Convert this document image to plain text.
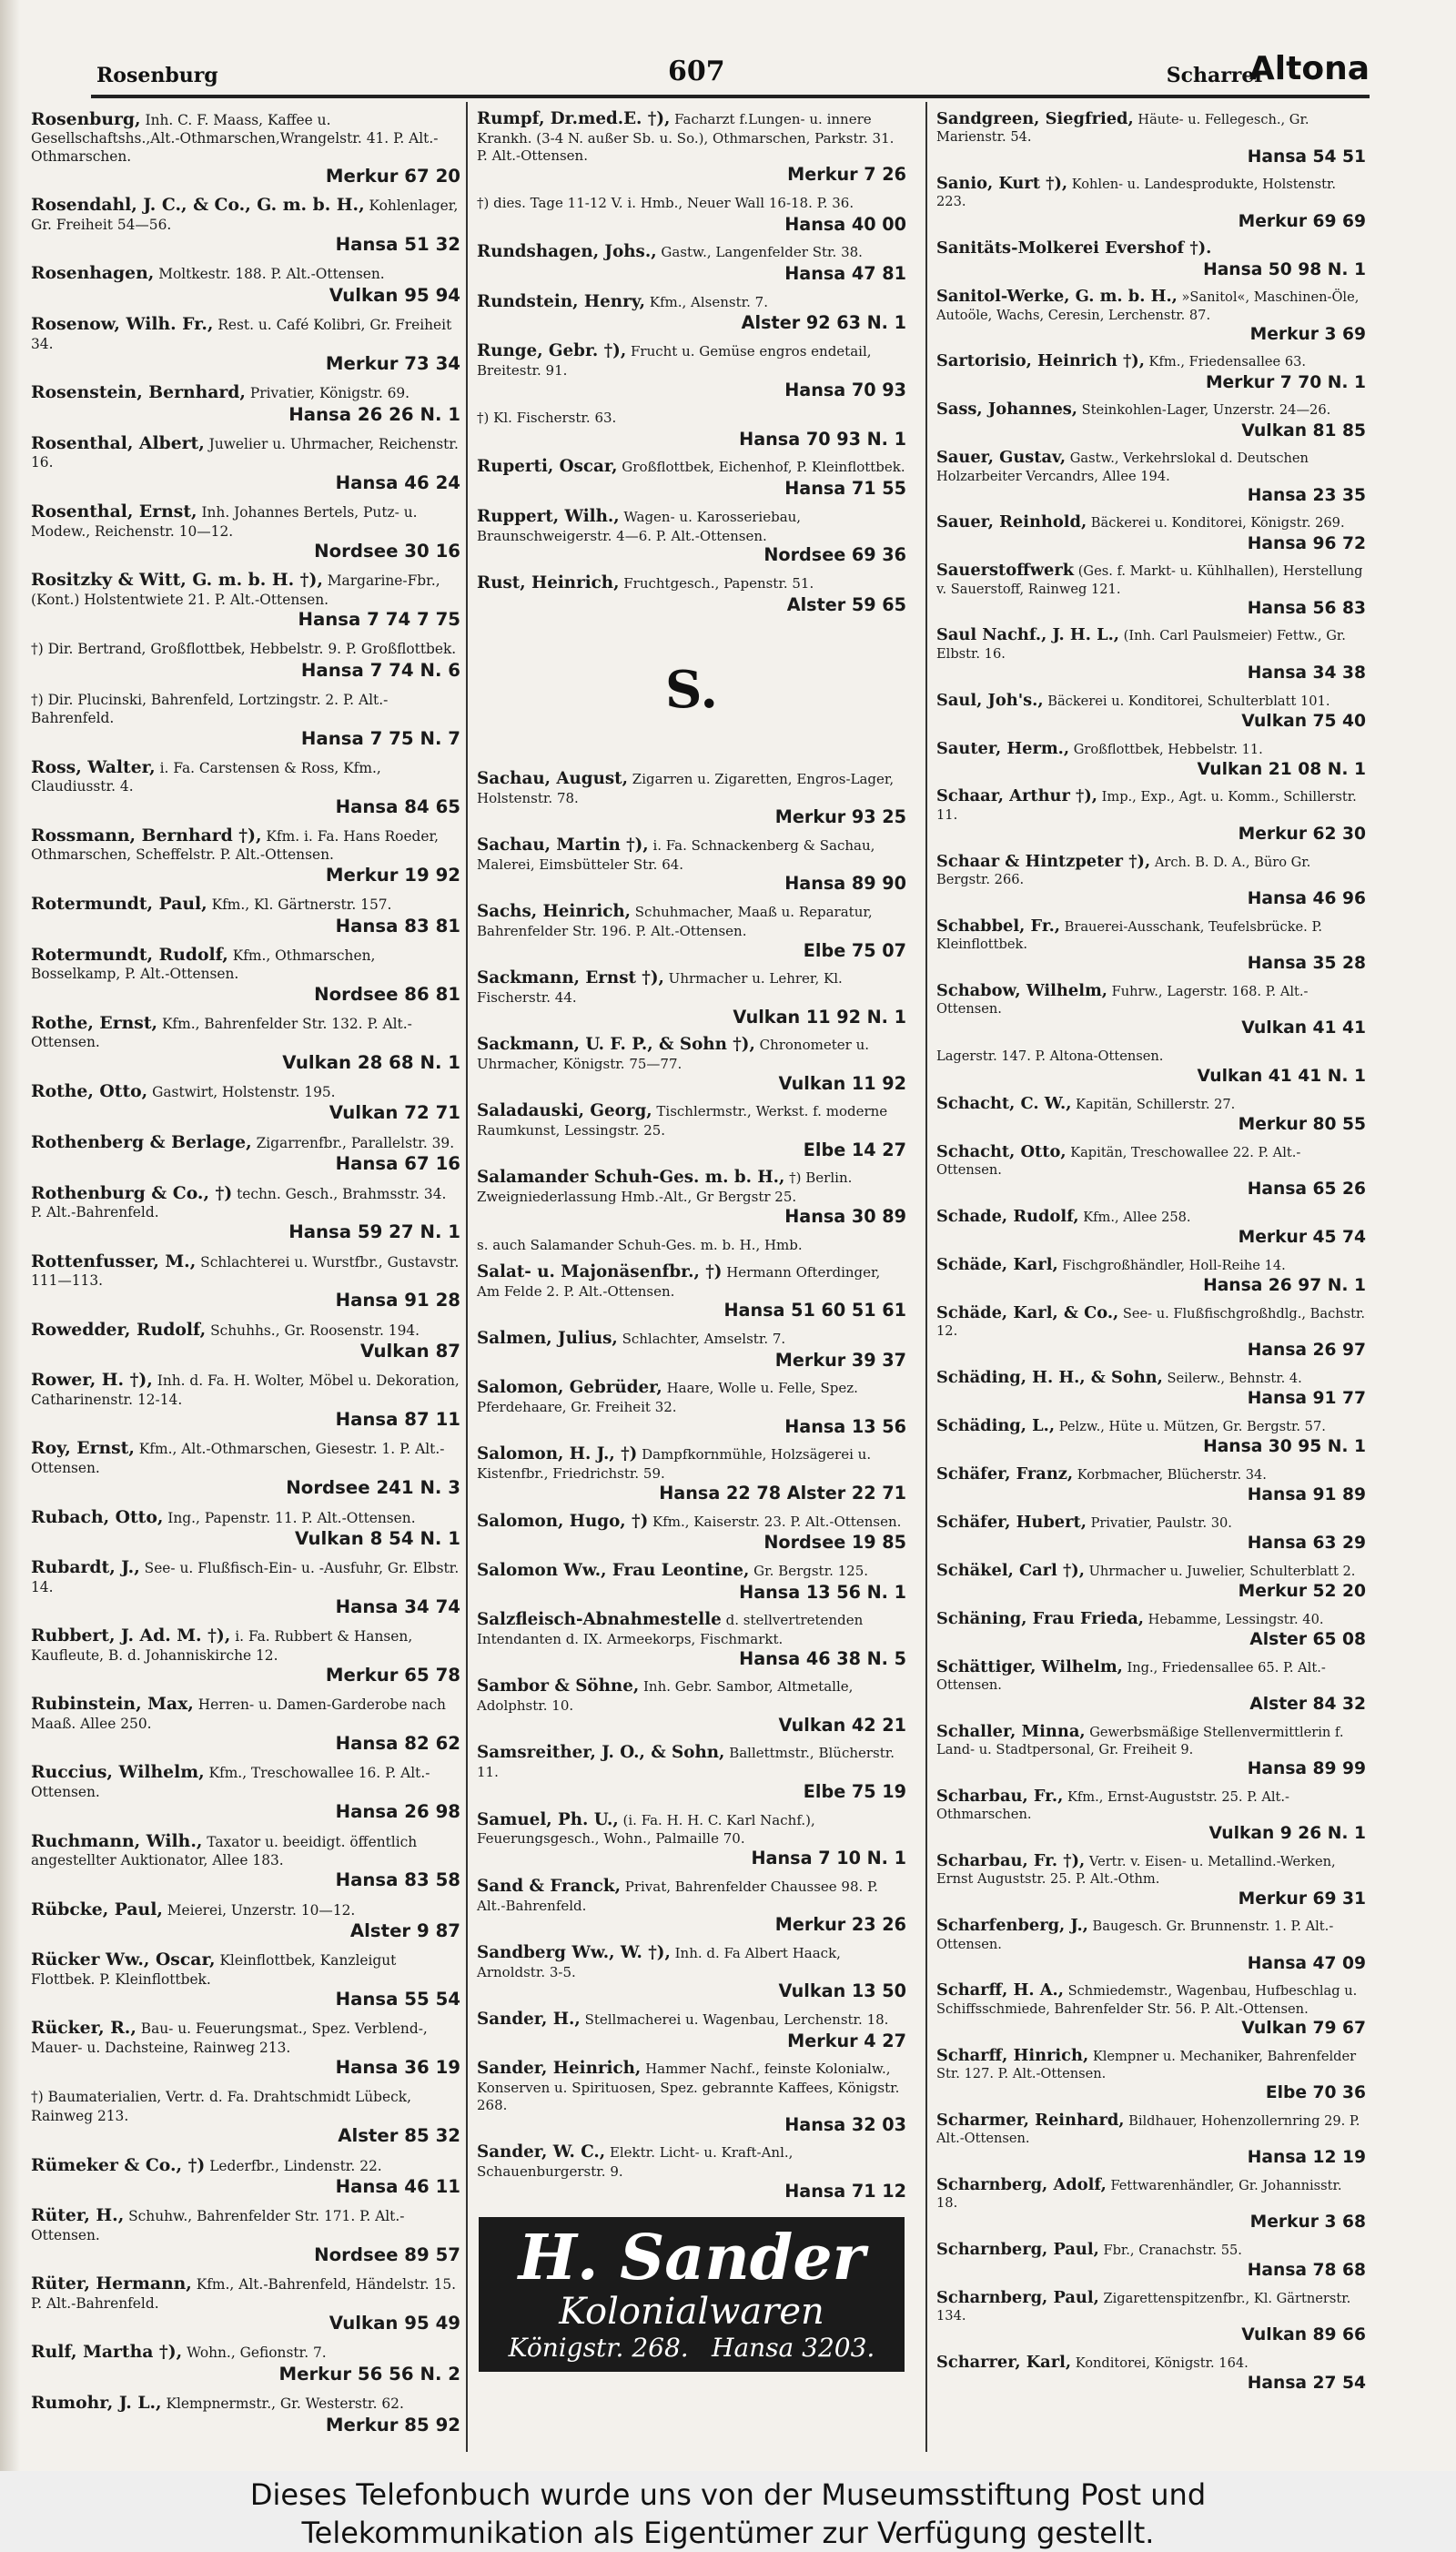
Rosenburg	607	Scharrer
Altona
Rosenburg, Inh. C. F. Maass, Kaffee u. Gesellschaftshs.,Alt.-Othmarschen,Wrangelstr. 41. P. Alt.-Othmarschen.
Merkur 67 20
Rosendahl, J. C., & Co., G. m. b. H., Kohlenlager, Gr. Freiheit 54—56.
Hansa 51 32
Rosenhagen, Moltkestr. 188. P. Alt.-Ottensen.
Vulkan 95 94
Rosenow, Wilh. Fr., Rest. u. Café Kolibri, Gr. Freiheit 34.
Merkur 73 34
Rosenstein, Bernhard, Privatier, Königstr. 69.
Hansa 26 26 N. 1
Rosenthal, Albert, Juwelier u. Uhrmacher, Reichenstr. 16.
Hansa 46 24
Rosenthal, Ernst, Inh. Johannes Bertels, Putz- u. Modew., Reichenstr. 10—12.
Nordsee 30 16
Rositzky & Witt, G. m. b. H. †), Margarine-Fbr., (Kont.) Holstentwiete 21. P. Alt.-Ottensen.
Hansa 7 74 7 75
†) Dir. Bertrand, Großflottbek, Hebbelstr. 9. P. Großflottbek.
Hansa 7 74 N. 6
†) Dir. Plucinski, Bahrenfeld, Lortzingstr. 2. P. Alt.-Bahrenfeld.
Hansa 7 75 N. 7
Ross, Walter, i. Fa. Carstensen & Ross, Kfm., Claudiusstr. 4.
Hansa 84 65
Rossmann, Bernhard †), Kfm. i. Fa. Hans Roeder, Othmarschen, Scheffelstr. P. Alt.-Ottensen.
Merkur 19 92
Rotermundt, Paul, Kfm., Kl. Gärtnerstr. 157.
Hansa 83 81
Rotermundt, Rudolf, Kfm., Othmarschen, Bosselkamp, P. Alt.-Ottensen.
Nordsee 86 81
Rothe, Ernst, Kfm., Bahrenfelder Str. 132. P. Alt.-Ottensen.
Vulkan 28 68 N. 1
Rothe, Otto, Gastwirt, Holstenstr. 195.
Vulkan 72 71
Rothenberg & Berlage, Zigarrenfbr., Parallelstr. 39.
Hansa 67 16
Rothenburg & Co., †) techn. Gesch., Brahmsstr. 34. P. Alt.-Bahrenfeld.
Hansa 59 27 N. 1
Rottenfusser, M., Schlachterei u. Wurstfbr., Gustavstr. 111—113.
Hansa 91 28
Rowedder, Rudolf, Schuhhs., Gr. Roosenstr. 194.
Vulkan 87
Rower, H. †), Inh. d. Fa. H. Wolter, Möbel u. Dekoration, Catharinenstr. 12-14.
Hansa 87 11
Roy, Ernst, Kfm., Alt.-Othmarschen, Giesestr. 1. P. Alt.-Ottensen.
Nordsee 241 N. 3
Rubach, Otto, Ing., Papenstr. 11. P. Alt.-Ottensen.
Vulkan 8 54 N. 1
Rubardt, J., See- u. Flußfisch-Ein- u. -Ausfuhr, Gr. Elbstr. 14.
Hansa 34 74
Rubbert, J. Ad. M. †), i. Fa. Rubbert & Hansen, Kaufleute, B. d. Johanniskirche 12.
Merkur 65 78
Rubinstein, Max, Herren- u. Damen-Garderobe nach Maaß. Allee 250.
Hansa 82 62
Ruccius, Wilhelm, Kfm., Treschowallee 16. P. Alt.-Ottensen.
Hansa 26 98
Ruchmann, Wilh., Taxator u. beeidigt. öffentlich angestellter Auktionator, Allee 183.
Hansa 83 58
Rübcke, Paul, Meierei, Unzerstr. 10—12.
Alster 9 87
Rücker Ww., Oscar, Kleinflottbek, Kanzleigut Flottbek. P. Kleinflottbek.
Hansa 55 54
Rücker, R., Bau- u. Feuerungsmat., Spez. Verblend-, Mauer- u. Dachsteine, Rainweg 213.
Hansa 36 19
†) Baumaterialien, Vertr. d. Fa. Drahtschmidt Lübeck, Rainweg 213.
Alster 85 32
Rümeker & Co., †) Lederfbr., Lindenstr. 22.
Hansa 46 11
Rüter, H., Schuhw., Bahrenfelder Str. 171. P. Alt.-Ottensen.
Nordsee 89 57
Rüter, Hermann, Kfm., Alt.-Bahrenfeld, Händelstr. 15. P. Alt.-Bahrenfeld.
Vulkan 95 49
Rulf, Martha †), Wohn., Gefionstr. 7.
Merkur 56 56 N. 2
Rumohr, J. L., Klempnermstr., Gr. Westerstr. 62.
Merkur 85 92
Rumpf, Dr.med.E. †), Facharzt f.Lungen- u. innere Krankh. (3-4 N. außer Sb. u. So.), Othmarschen, Parkstr. 31. P. Alt.-Ottensen.
Merkur 7 26
†) dies. Tage 11-12 V. i. Hmb., Neuer Wall 16-18. P. 36.
Hansa 40 00
Rundshagen, Johs., Gastw., Langenfelder Str. 38.
Hansa 47 81
Rundstein, Henry, Kfm., Alsenstr. 7.
Alster 92 63 N. 1
Runge, Gebr. †), Frucht u. Gemüse engros endetail, Breitestr. 91.
Hansa 70 93
†) Kl. Fischerstr. 63.
Hansa 70 93 N. 1
Ruperti, Oscar, Großflottbek, Eichenhof, P. Kleinflottbek.
Hansa 71 55
Ruppert, Wilh., Wagen- u. Karosseriebau, Braunschweigerstr. 4—6. P. Alt.-Ottensen.
Nordsee 69 36
Rust, Heinrich, Fruchtgesch., Papenstr. 51.
Alster 59 65
S.
Sachau, August, Zigarren u. Zigaretten, Engros-Lager, Holstenstr. 78.
Merkur 93 25
Sachau, Martin †), i. Fa. Schnackenberg & Sachau, Malerei, Eimsbütteler Str. 64.
Hansa 89 90
Sachs, Heinrich, Schuhmacher, Maaß u. Reparatur, Bahrenfelder Str. 196. P. Alt.-Ottensen.
Elbe 75 07
Sackmann, Ernst †), Uhrmacher u. Lehrer, Kl. Fischerstr. 44.
Vulkan 11 92 N. 1
Sackmann, U. F. P., & Sohn †), Chronometer u. Uhrmacher, Königstr. 75—77.
Vulkan 11 92
Saladauski, Georg, Tischlermstr., Werkst. f. moderne Raumkunst, Lessingstr. 25.
Elbe 14 27
Salamander Schuh-Ges. m. b. H., †) Berlin. Zweigniederlassung Hmb.-Alt., Gr Bergstr 25.
Hansa 30 89
s. auch Salamander Schuh-Ges. m. b. H., Hmb.
Salat- u. Majonäsenfbr., †) Hermann Ofterdinger, Am Felde 2. P. Alt.-Ottensen.
Hansa 51 60 51 61
Salmen, Julius, Schlachter, Amselstr. 7.
Merkur 39 37
Salomon, Gebrüder, Haare, Wolle u. Felle, Spez. Pferdehaare, Gr. Freiheit 32.
Hansa 13 56
Salomon, H. J., †) Dampfkornmühle, Holzsägerei u. Kistenfbr., Friedrichstr. 59.
Hansa 22 78 Alster 22 71
Salomon, Hugo, †) Kfm., Kaiserstr. 23. P. Alt.-Ottensen.
Nordsee 19 85
Salomon Ww., Frau Leontine, Gr. Bergstr. 125.
Hansa 13 56 N. 1
Salzfleisch-Abnahmestelle d. stellvertretenden Intendanten d. IX. Armeekorps, Fischmarkt.
Hansa 46 38 N. 5
Sambor & Söhne, Inh. Gebr. Sambor, Altmetalle, Adolphstr. 10.
Vulkan 42 21
Samsreither, J. O., & Sohn, Ballettmstr., Blücherstr. 11.
Elbe 75 19
Samuel, Ph. U., (i. Fa. H. H. C. Karl Nachf.), Feuerungsgesch., Wohn., Palmaille 70.
Hansa 7 10 N. 1
Sand & Franck, Privat, Bahrenfelder Chaussee 98. P. Alt.-Bahrenfeld.
Merkur 23 26
Sandberg Ww., W. †), Inh. d. Fa Albert Haack, Arnoldstr. 3-5.
Vulkan 13 50
Sander, H., Stellmacherei u. Wagenbau, Lerchenstr. 18.
Merkur 4 27
Sander, Heinrich, Hammer Nachf., feinste Kolonialw., Konserven u. Spirituosen, Spez. gebrannte Kaffees, Königstr. 268.
Hansa 32 03
Sander, W. C., Elektr. Licht- u. Kraft-Anl., Schauenburgerstr. 9.
Hansa 71 12
H. Sander
Kolonialwaren
Königstr. 268. Hansa 3203.
Sandgreen, Siegfried, Häute- u. Fellegesch., Gr. Marienstr. 54.
Hansa 54 51
Sanio, Kurt †), Kohlen- u. Landesprodukte, Holstenstr. 223.
Merkur 69 69
Sanitäts-Molkerei Evershof †).
Hansa 50 98 N. 1
Sanitol-Werke, G. m. b. H., »Sanitol«, Maschinen-Öle, Autoöle, Wachs, Ceresin, Lerchenstr. 87.
Merkur 3 69
Sartorisio, Heinrich †), Kfm., Friedensallee 63.
Merkur 7 70 N. 1
Sass, Johannes, Steinkohlen-Lager, Unzerstr. 24—26.
Vulkan 81 85
Sauer, Gustav, Gastw., Verkehrslokal d. Deutschen Holzarbeiter Vercandrs, Allee 194.
Hansa 23 35
Sauer, Reinhold, Bäckerei u. Konditorei, Königstr. 269.
Hansa 96 72
Sauerstoffwerk (Ges. f. Markt- u. Kühlhallen), Herstellung v. Sauerstoff, Rainweg 121.
Hansa 56 83
Saul Nachf., J. H. L., (Inh. Carl Paulsmeier) Fettw., Gr. Elbstr. 16.
Hansa 34 38
Saul, Joh's., Bäckerei u. Konditorei, Schulterblatt 101.
Vulkan 75 40
Sauter, Herm., Großflottbek, Hebbelstr. 11.
Vulkan 21 08 N. 1
Schaar, Arthur †), Imp., Exp., Agt. u. Komm., Schillerstr. 11.
Merkur 62 30
Schaar & Hintzpeter †), Arch. B. D. A., Büro Gr. Bergstr. 266.
Hansa 46 96
Schabbel, Fr., Brauerei-Ausschank, Teufelsbrücke. P. Kleinflottbek.
Hansa 35 28
Schabow, Wilhelm, Fuhrw., Lagerstr. 168. P. Alt.-Ottensen.
Vulkan 41 41
Lagerstr. 147. P. Altona-Ottensen.
Vulkan 41 41 N. 1
Schacht, C. W., Kapitän, Schillerstr. 27.
Merkur 80 55
Schacht, Otto, Kapitän, Treschowallee 22. P. Alt.-Ottensen.
Hansa 65 26
Schade, Rudolf, Kfm., Allee 258.
Merkur 45 74
Schäde, Karl, Fischgroßhändler, Holl-Reihe 14.
Hansa 26 97 N. 1
Schäde, Karl, & Co., See- u. Flußfischgroßhdlg., Bachstr. 12.
Hansa 26 97
Schäding, H. H., & Sohn, Seilerw., Behnstr. 4.
Hansa 91 77
Schäding, L., Pelzw., Hüte u. Mützen, Gr. Bergstr. 57.
Hansa 30 95 N. 1
Schäfer, Franz, Korbmacher, Blücherstr. 34.
Hansa 91 89
Schäfer, Hubert, Privatier, Paulstr. 30.
Hansa 63 29
Schäkel, Carl †), Uhrmacher u. Juwelier, Schulterblatt 2.
Merkur 52 20
Schäning, Frau Frieda, Hebamme, Lessingstr. 40.
Alster 65 08
Schättiger, Wilhelm, Ing., Friedensallee 65. P. Alt.-Ottensen.
Alster 84 32
Schaller, Minna, Gewerbsmäßige Stellenvermittlerin f. Land- u. Stadtpersonal, Gr. Freiheit 9.
Hansa 89 99
Scharbau, Fr., Kfm., Ernst-Auguststr. 25. P. Alt.-Othmarschen.
Vulkan 9 26 N. 1
Scharbau, Fr. †), Vertr. v. Eisen- u. Metallind.-Werken, Ernst Auguststr. 25. P. Alt.-Othm.
Merkur 69 31
Scharfenberg, J., Baugesch. Gr. Brunnenstr. 1. P. Alt.-Ottensen.
Hansa 47 09
Scharff, H. A., Schmiedemstr., Wagenbau, Hufbeschlag u. Schiffsschmiede, Bahrenfelder Str. 56. P. Alt.-Ottensen.
Vulkan 79 67
Scharff, Hinrich, Klempner u. Mechaniker, Bahrenfelder Str. 127. P. Alt.-Ottensen.
Elbe 70 36
Scharmer, Reinhard, Bildhauer, Hohenzollernring 29. P. Alt.-Ottensen.
Hansa 12 19
Scharnberg, Adolf, Fettwarenhändler, Gr. Johannisstr. 18.
Merkur 3 68
Scharnberg, Paul, Fbr., Cranachstr. 55.
Hansa 78 68
Scharnberg, Paul, Zigarettenspitzenfbr., Kl. Gärtnerstr. 134.
Vulkan 89 66
Scharrer, Karl, Konditorei, Königstr. 164.
Hansa 27 54
Dieses Telefonbuch wurde uns von der Museumsstiftung Post und
Telekommunikation als Eigentümer zur Verfügung gestellt.
